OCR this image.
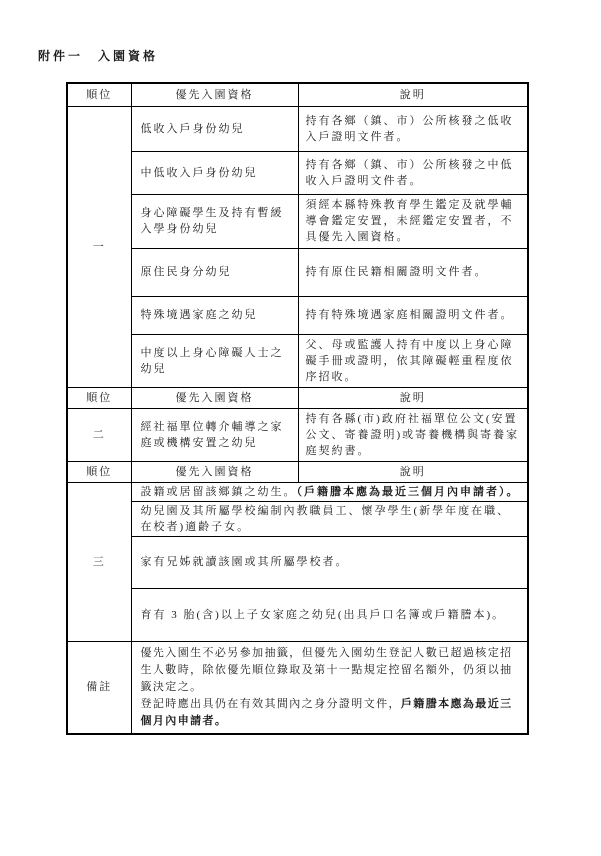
附件一　入園資格
順位	優先入園資格	說明
一	低收入戶身份幼兒	持有各鄉（鎮、市）公所核發之低收入戶證明文件者。
	中低收入戶身份幼兒	持有各鄉（鎮、市）公所核發之中低收入戶證明文件者。
	身心障礙學生及持有暫緩入學身份幼兒	須經本縣特殊教育學生鑑定及就學輔導會鑑定安置，未經鑑定安置者，不具優先入園資格。
	原住民身分幼兒	持有原住民籍相關證明文件者。
	特殊境遇家庭之幼兒	持有特殊境遇家庭相關證明文件者。
	中度以上身心障礙人士之幼兒	父、母或監護人持有中度以上身心障礙手冊或證明，依其障礙輕重程度依序招收。
順位	優先入園資格	說明
二	經社福單位轉介輔導之家庭或機構安置之幼兒	持有各縣(市)政府社福單位公文(安置公文、寄養證明)或寄養機構與寄養家庭契約書。
順位	優先入園資格	說明
三	設籍或居留該鄉鎮之幼生。（戶籍謄本應為最近三個月內申請者）。	
	幼兒園及其所屬學校編制內教職員工、懷孕學生(新學年度在職、在校者)適齡子女。	
	家有兄姊就讀該園或其所屬學校者。	
	育有 3 胎(含)以上子女家庭之幼兒(出具戶口名簿或戶籍謄本)。	
備註	優先入園生不必另參加抽籤，但優先入園幼生登記人數已超過核定招生人數時，除依優先順位錄取及第十一點規定控留名額外，仍須以抽籤決定之。
登記時應出具仍在有效其間內之身分證明文件，戶籍謄本應為最近三個月內申請者。	
